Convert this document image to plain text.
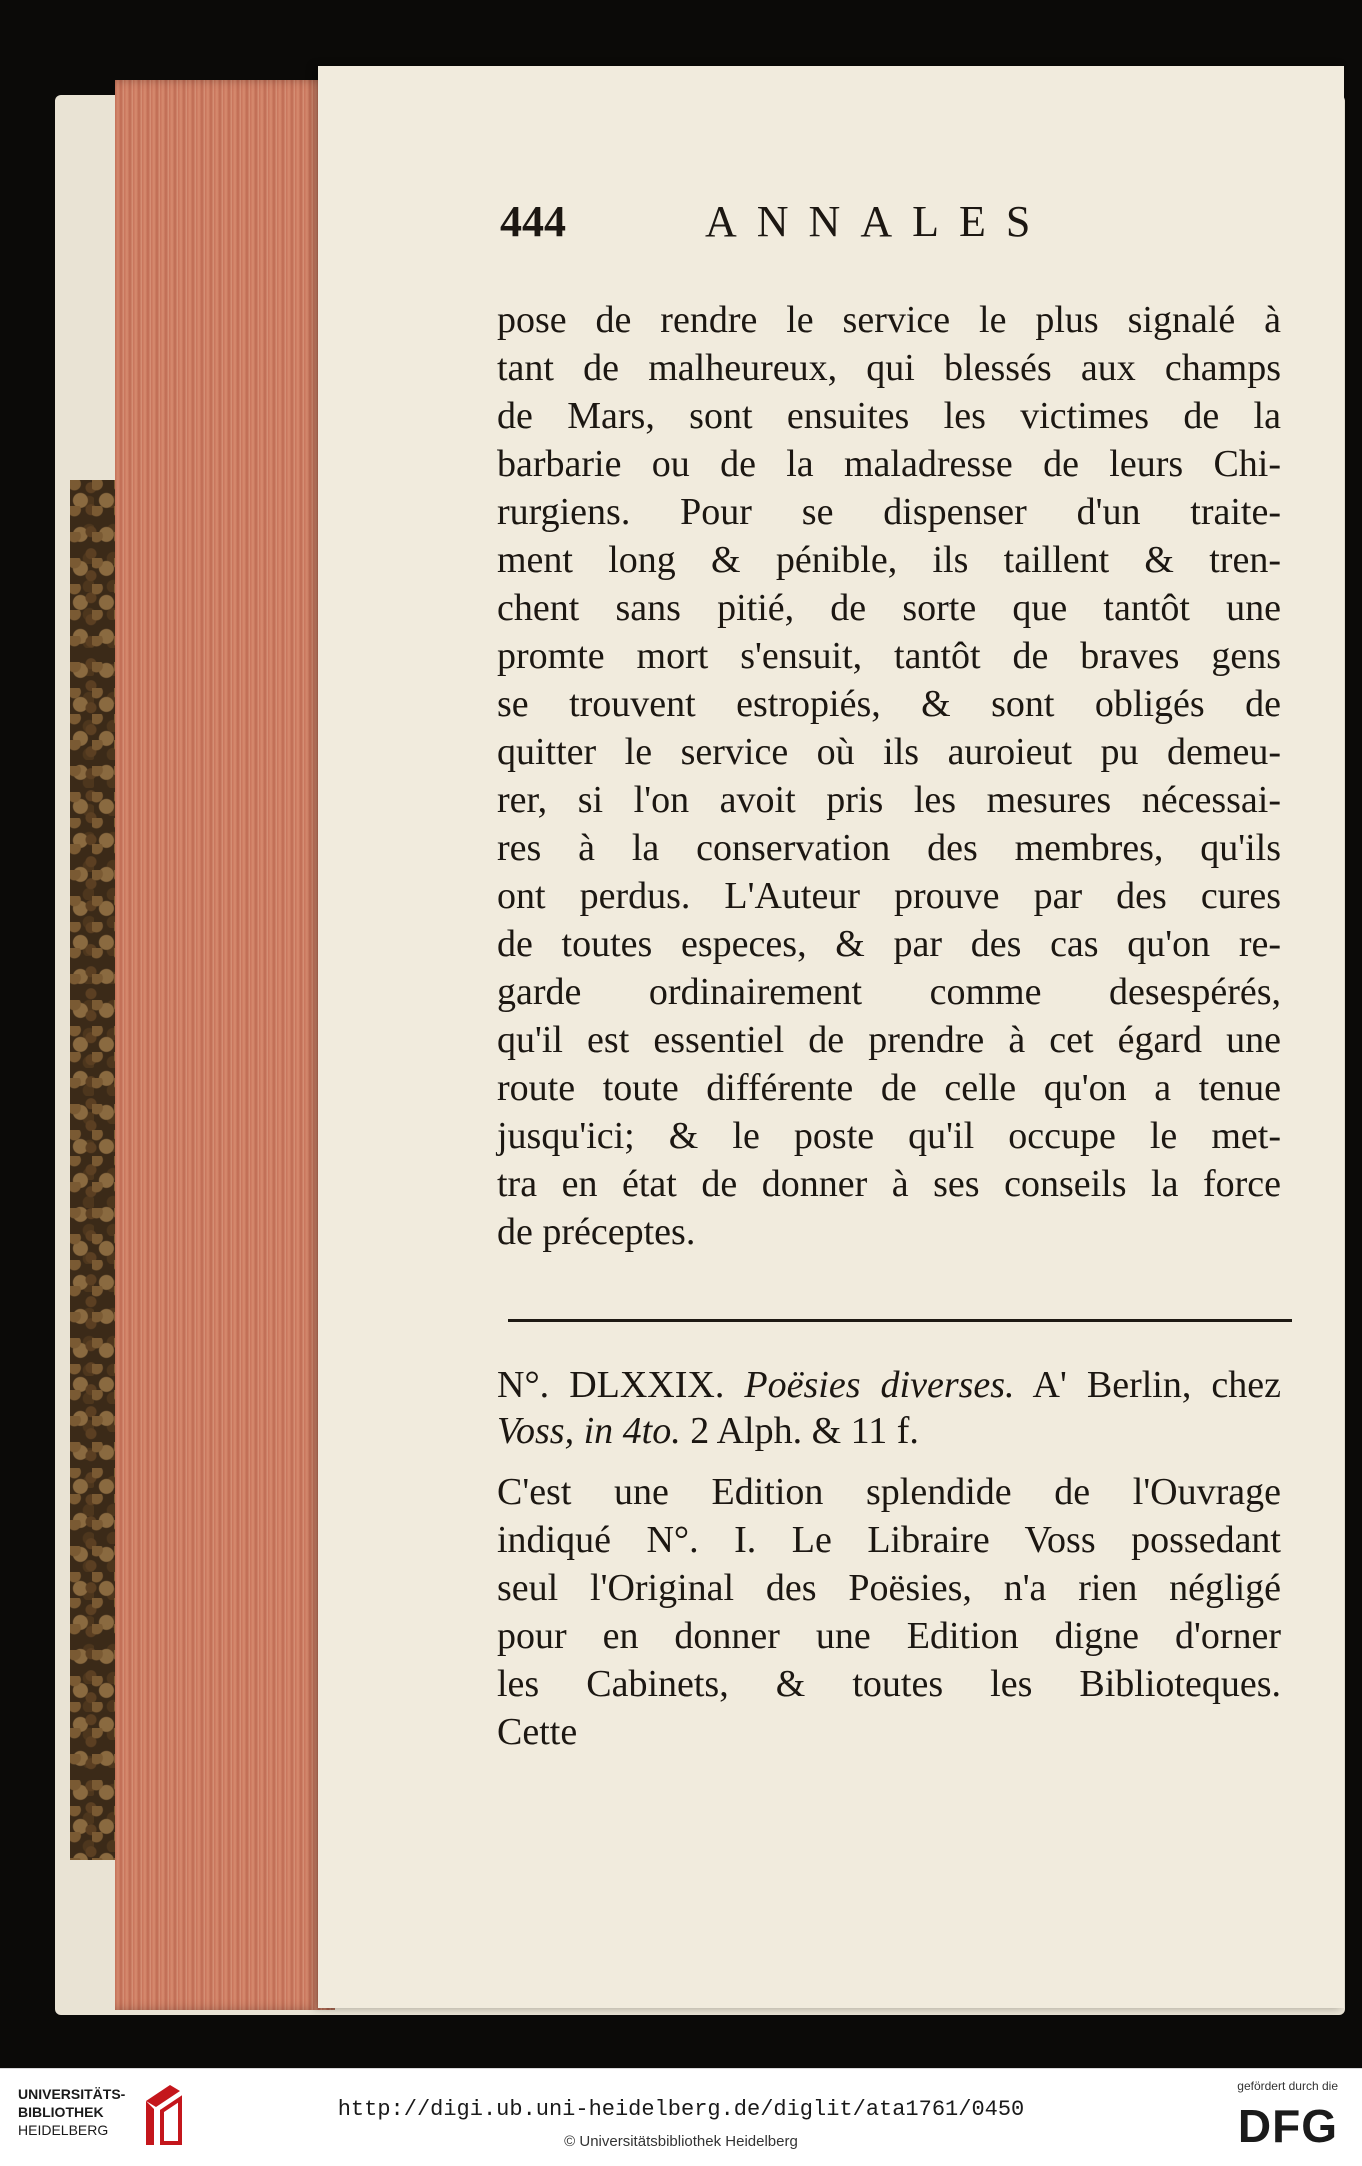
444	ANNALES
pose de rendre le service le plus signalé à
tant de malheureux, qui blessés aux champs
de Mars, sont ensuites les victimes de la
barbarie ou de la maladresse de leurs Chi-
rurgiens. Pour se dispenser d'un traite-
ment long & pénible, ils taillent & tren-
chent sans pitié, de sorte que tantôt une
promte mort s'ensuit, tantôt de braves gens
se trouvent estropiés, & sont obligés de
quitter le service où ils auroieut pu demeu-
rer, si l'on avoit pris les mesures nécessai-
res à la conservation des membres, qu'ils
ont perdus. L'Auteur prouve par des cures
de toutes especes, & par des cas qu'on re-
garde ordinairement comme desespérés,
qu'il est essentiel de prendre à cet égard une
route toute différente de celle qu'on a tenue
jusqu'ici; & le poste qu'il occupe le met-
tra en état de donner à ses conseils la force
de préceptes.
N°. DLXXIX. Poësies diverses. A' Berlin, chez
Voss, in 4to. 2 Alph. & 11 f.
C'est une Edition splendide de l'Ouvrage
indiqué N°. I. Le Libraire Voss possedant
seul l'Original des Poësies, n'a rien négligé
pour en donner une Edition digne d'orner
les Cabinets, & toutes les Biblioteques.
Cette
UNIVERSITÄTS-
BIBLIOTHEK
HEIDELBERG
http://digi.ub.uni-heidelberg.de/diglit/ata1761/0450
© Universitätsbibliothek Heidelberg
gefördert durch die
DFG
